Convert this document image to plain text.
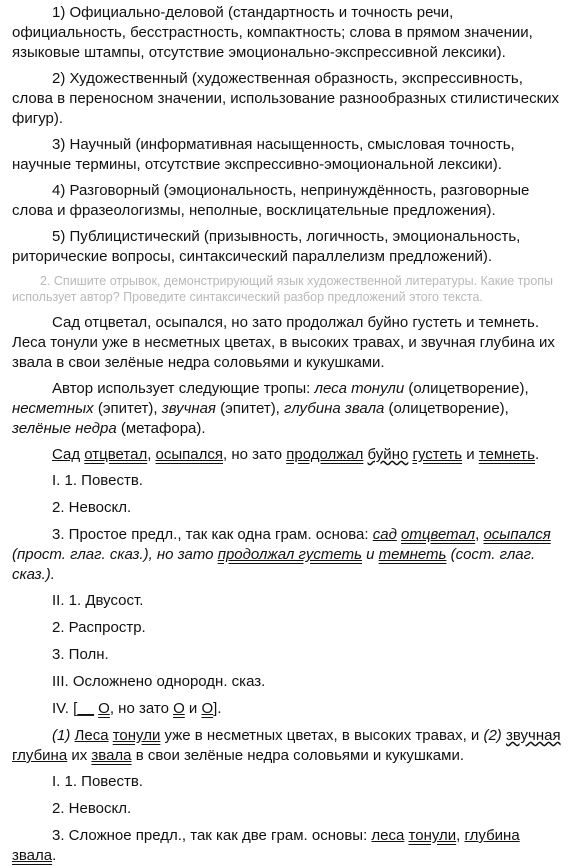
1) Официально-деловой (стандартность и точность речи, официальность, бесстрастность, компактность; слова в прямом значении, языковые штампы, отсутствие эмоционально-экспрессивной лексики).

2) Художественный (художественная образность, экспрессивность, слова в переносном значении, использование разнообразных стилистических фигур).

3) Научный (информативная насыщенность, смысловая точность, научные термины, отсутствие экспрессивно-эмоциональной лексики).

4) Разговорный (эмоциональность, непринуждённость, разговорные слова и фразеологизмы, неполные, восклицательные предложения).

5) Публицистический (призывность, логичность, эмоциональность, риторические вопросы, синтаксический параллелизм предложений).

2. Спишите отрывок, демонстрирующий язык художественной литературы. Какие тропы использует автор? Проведите синтаксический разбор предложений этого текста.

Сад отцветал, осыпался, но зато продолжал буйно густеть и темнеть. Леса тонули уже в несметных цветах, в высоких травах, и звучная глубина их звала в свои зелёные недра соловьями и кукушками.

Автор использует следующие тропы: леса тонули (олицетворение), несметных (эпитет), звучная (эпитет), глубина звала (олицетворение), зелёные недра (метафора).

Сад отцветал, осыпался, но зато продолжал буйно густеть и темнеть.

I. 1. Повеств.
2. Невоскл.

3. Простое предл., так как одна грам. основа: сад отцветал, осыпался (прост. глаг. сказ.), но зато продолжал густеть и темнеть (сост. глаг. сказ.).

II. 1. Двусост.
2. Распростр.
3. Полн.
III. Осложнено однородн. сказ.
IV. [__ O, но зато O и O].

(1) Леса тонули уже в несметных цветах, в высоких травах, и (2) звучная глубина их звала в свои зелёные недра соловьями и кукушками.

I. 1. Повеств.
2. Невоскл.

3. Сложное предл., так как две грам. основы: леса тонули, глубина звала.
